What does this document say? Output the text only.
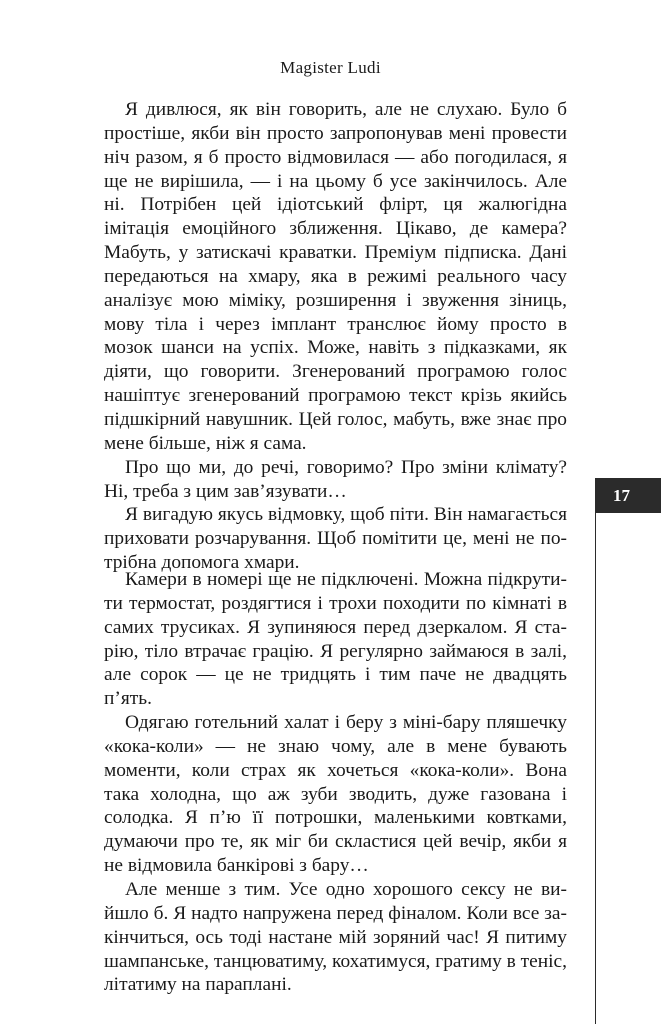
Magister Ludi

Я дивлюся, як він говорить, але не слухаю. Було б простіше, якби він просто запропонував мені провести ніч разом, я б просто відмовилася — або погодилася, я ще не вирішила, — і на цьому б усе закінчилось. Але ні. Потрібен цей ідіотський флірт, ця жалюгідна імітація емоційного зближення. Цікаво, де камера? Мабуть, у затискачі краватки. Преміум підписка. Дані передаються на хмару, яка в режимі реального часу аналізує мою міміку, розширення і звуження зіниць, мову тіла і через імплант транслює йому просто в мозок шанси на успіх. Може, навіть з підказками, як діяти, що говорити. Згенерований програмою голос нашіптує згенерований програмою текст крізь якийсь підшкірний навушник. Цей голос, мабуть, вже знає про мене більше, ніж я сама.

Про що ми, до речі, говоримо? Про зміни клімату? Ні, треба з цим зав’язувати…

Я вигадую якусь відмовку, щоб піти. Він намагається приховати розчарування. Щоб помітити це, мені не потрібна допомога хмари.

Камери в номері ще не підключені. Можна підкрутити термостат, роздягтися і трохи походити по кімнаті в самих трусиках. Я зупиняюся перед дзеркалом. Я старію, тіло втрачає грацію. Я регулярно займаюся в залі, але сорок — це не тридцять і тим паче не двадцять п’ять.

Одягаю готельний халат і беру з міні-бару пляшечку «кока-коли» — не знаю чому, але в мене бувають моменти, коли страх як хочеться «кока-коли». Вона така холодна, що аж зуби зводить, дуже газована і солодка. Я п’ю її потрошки, маленькими ковтками, думаючи про те, як міг би скластися цей вечір, якби я не відмовила банкірові з бару…

Але менше з тим. Усе одно хорошого сексу не вийшло б. Я надто напружена перед фіналом. Коли все закінчиться, ось тоді настане мій зоряний час! Я питиму шампанське, танцюватиму, кохатимуся, гратиму в теніс, літатиму на параплані.

17
